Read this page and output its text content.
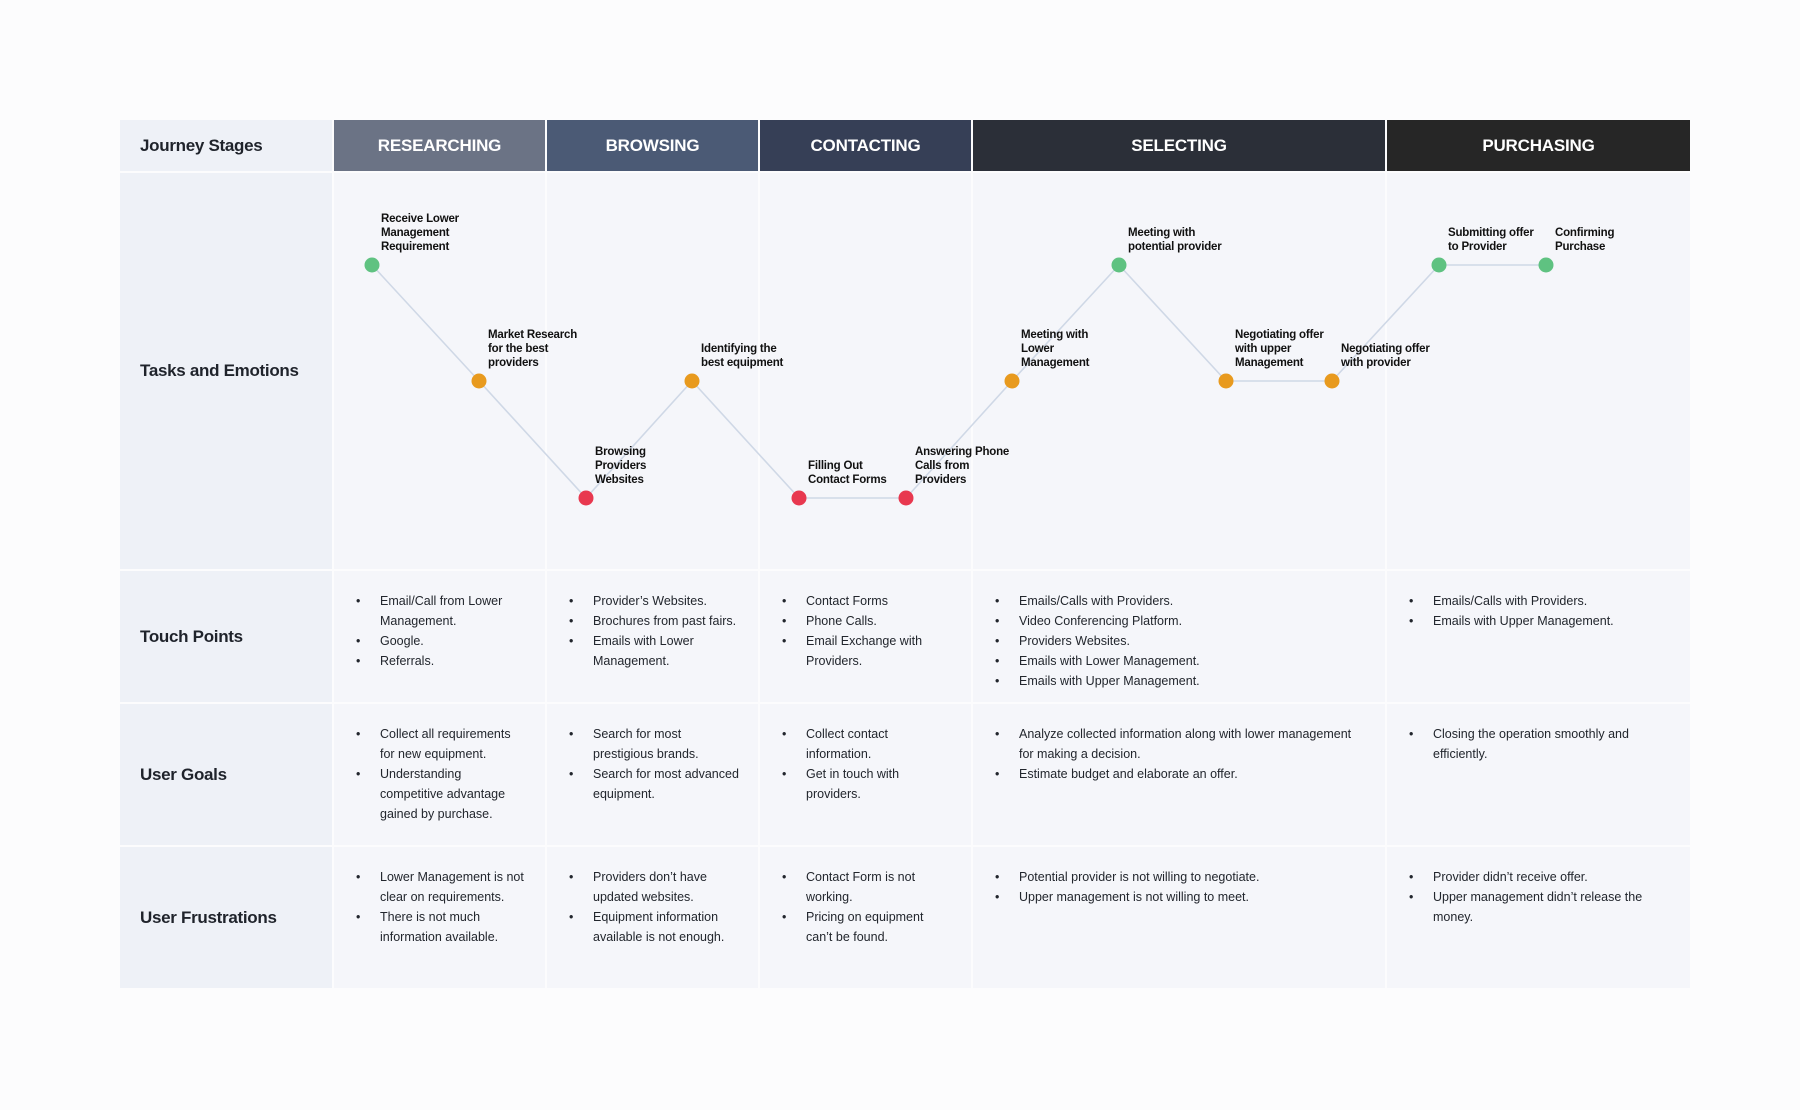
Journey Stages
Tasks and Emotions
Touch Points
User Goals
User Frustrations
RESEARCHING
• Email/Call from Lower Management.
• Google.
• Referrals.
• Collect all requirements for new equipment.
• Understanding competitive advantage gained by purchase.
• Lower Management is not clear on requirements.
• There is not much information available.
BROWSING
• Provider’s Websites.
• Brochures from past fairs.
• Emails with Lower Management.
• Search for most prestigious brands.
• Search for most advanced equipment.
• Providers don’t have updated websites.
• Equipment information available is not enough.
CONTACTING
• Contact Forms
• Phone Calls.
• Email Exchange with Providers.
• Collect contact information.
• Get in touch with providers.
• Contact Form is not working.
• Pricing on equipment can’t be found.
SELECTING
• Emails/Calls with Providers.
• Video Conferencing Platform.
• Providers Websites.
• Emails with Lower Management.
• Emails with Upper Management.
• Analyze collected information along with lower management for making a decision.
• Estimate budget and elaborate an offer.
• Potential provider is not willing to negotiate.
• Upper management is not willing to meet.
PURCHASING
• Emails/Calls with Providers.
• Emails with Upper Management.
• Closing the operation smoothly and efficiently.
• Provider didn’t receive offer.
• Upper management didn’t release the money.
Receive Lower Management Requirement
Market Research for the best providers
Browsing Providers Websites
Identifying the best equipment
Filling Out Contact Forms
Answering Phone Calls from Providers
Meeting with Lower Management
Meeting with potential provider
Negotiating offer with upper Management
Negotiating offer with provider
Submitting offer to Provider
Confirming Purchase
